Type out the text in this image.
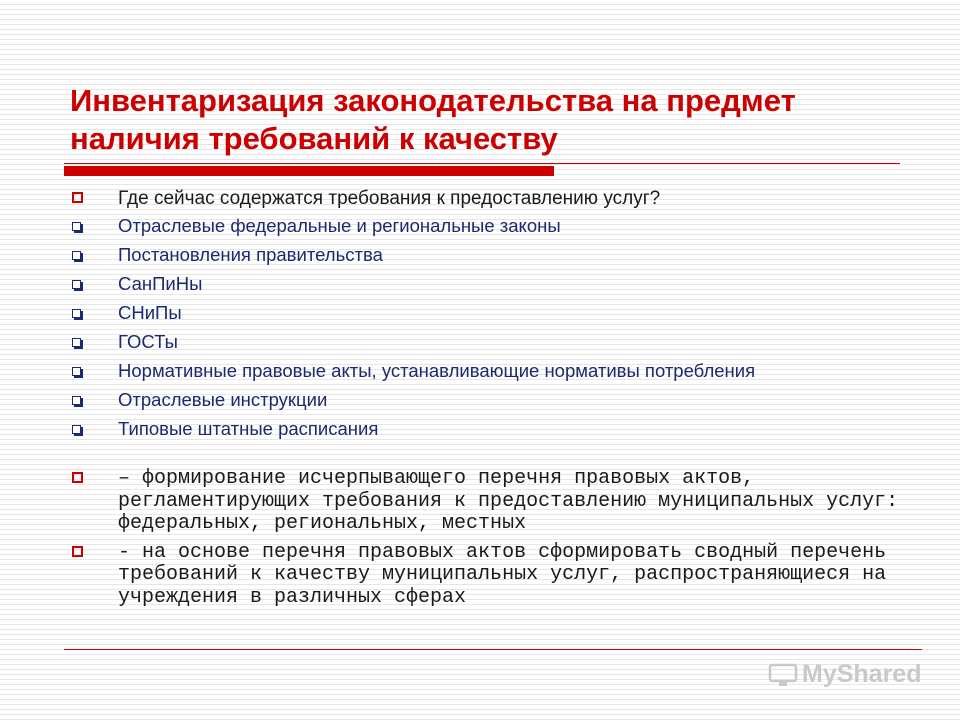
Инвентаризация законодательства на предмет наличия требований к качеству
Где сейчас содержатся требования к предоставлению услуг?
Отраслевые федеральные и региональные законы
Постановления правительства
СанПиНы
СНиПы
ГОСТы
Нормативные правовые акты, устанавливающие нормативы потребления
Отраслевые инструкции
Типовые штатные расписания
– формирование исчерпывающего перечня правовых актов, регламентирующих требования к предоставлению муниципальных услуг: федеральных, региональных, местных
- на основе перечня правовых актов сформировать сводный перечень требований к качеству муниципальных услуг, распространяющиеся на учреждения в различных сферах
MyShared
